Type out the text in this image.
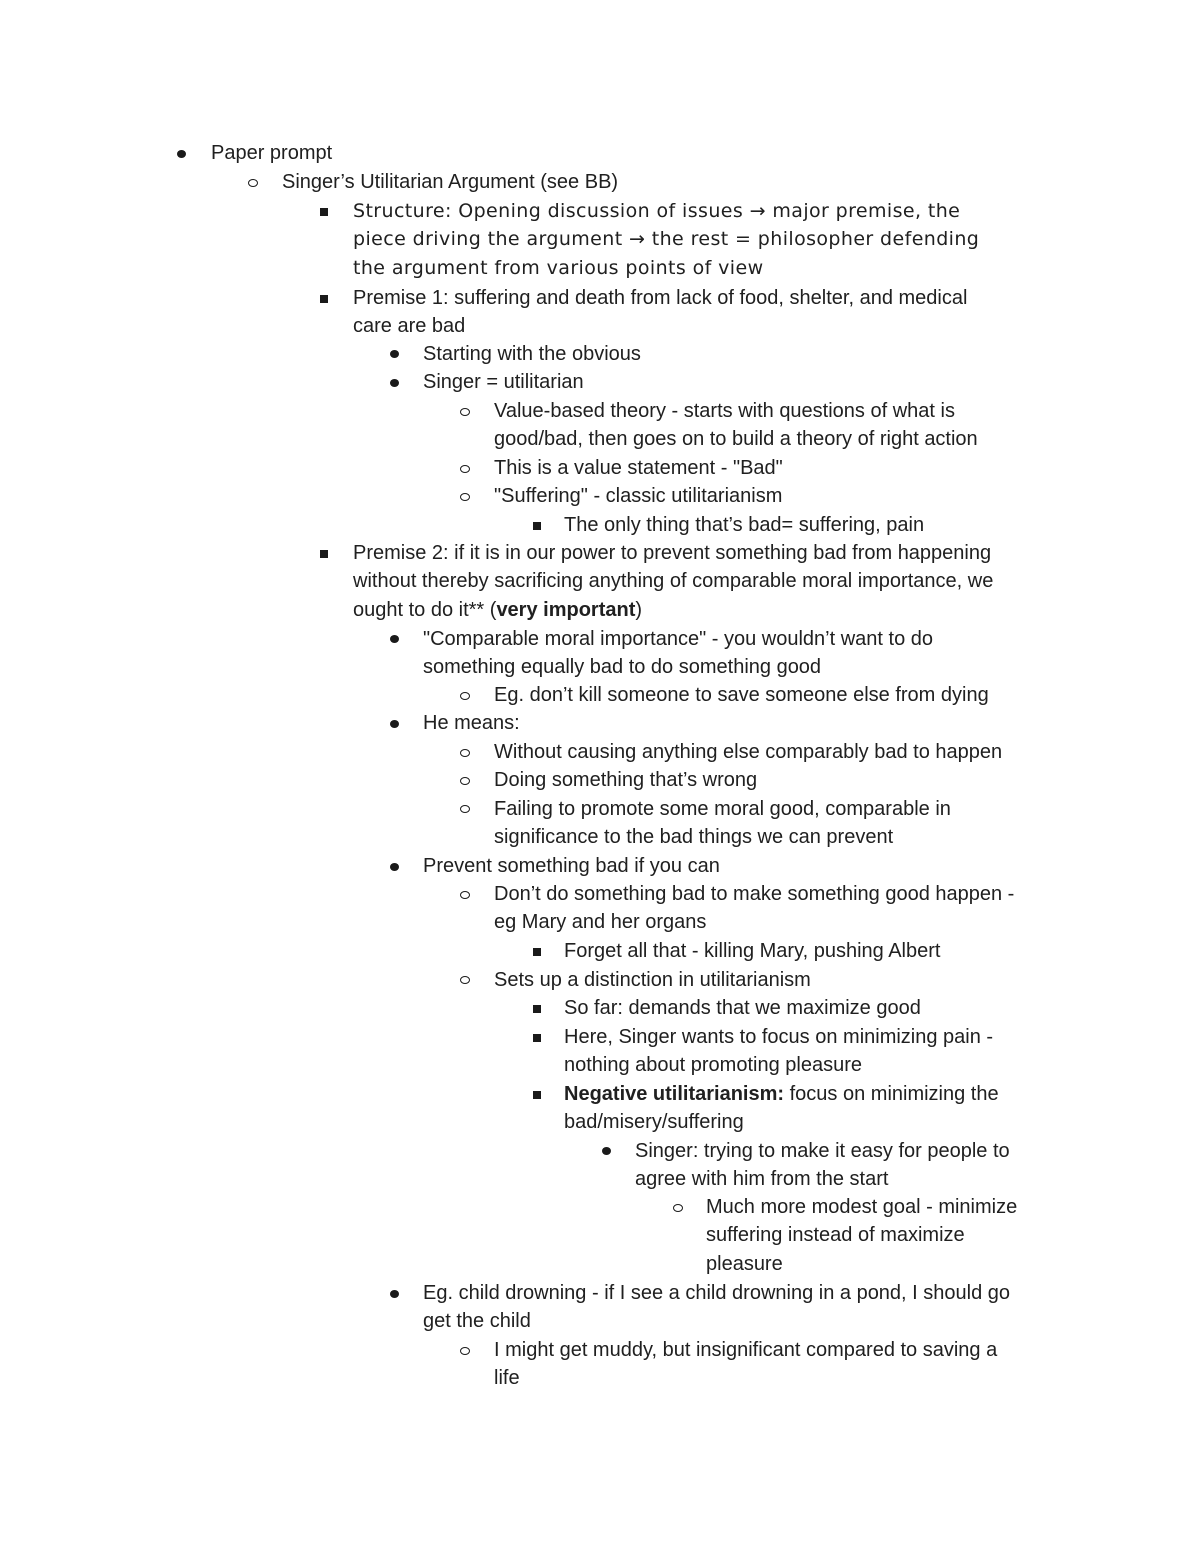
Paper prompt
Singer’s Utilitarian Argument (see BB)
Structure: Opening discussion of issues → major premise, the
piece driving the argument → the rest = philosopher defending
the argument from various points of view
Premise 1: suffering and death from lack of food, shelter, and medical
care are bad
Starting with the obvious
Singer = utilitarian
Value-based theory - starts with questions of what is
good/bad, then goes on to build a theory of right action
This is a value statement - "Bad"
"Suffering" - classic utilitarianism
The only thing that’s bad= suffering, pain
Premise 2: if it is in our power to prevent something bad from happening
without thereby sacrificing anything of comparable moral importance, we
ought to do it** (very important)
"Comparable moral importance" - you wouldn’t want to do
something equally bad to do something good
Eg. don’t kill someone to save someone else from dying
He means:
Without causing anything else comparably bad to happen
Doing something that’s wrong
Failing to promote some moral good, comparable in
significance to the bad things we can prevent
Prevent something bad if you can
Don’t do something bad to make something good happen -
eg Mary and her organs
Forget all that - killing Mary, pushing Albert
Sets up a distinction in utilitarianism
So far: demands that we maximize good
Here, Singer wants to focus on minimizing pain -
nothing about promoting pleasure
Negative utilitarianism: focus on minimizing the
bad/misery/suffering
Singer: trying to make it easy for people to
agree with him from the start
Much more modest goal - minimize
suffering instead of maximize
pleasure
Eg. child drowning - if I see a child drowning in a pond, I should go
get the child
I might get muddy, but insignificant compared to saving a
life
